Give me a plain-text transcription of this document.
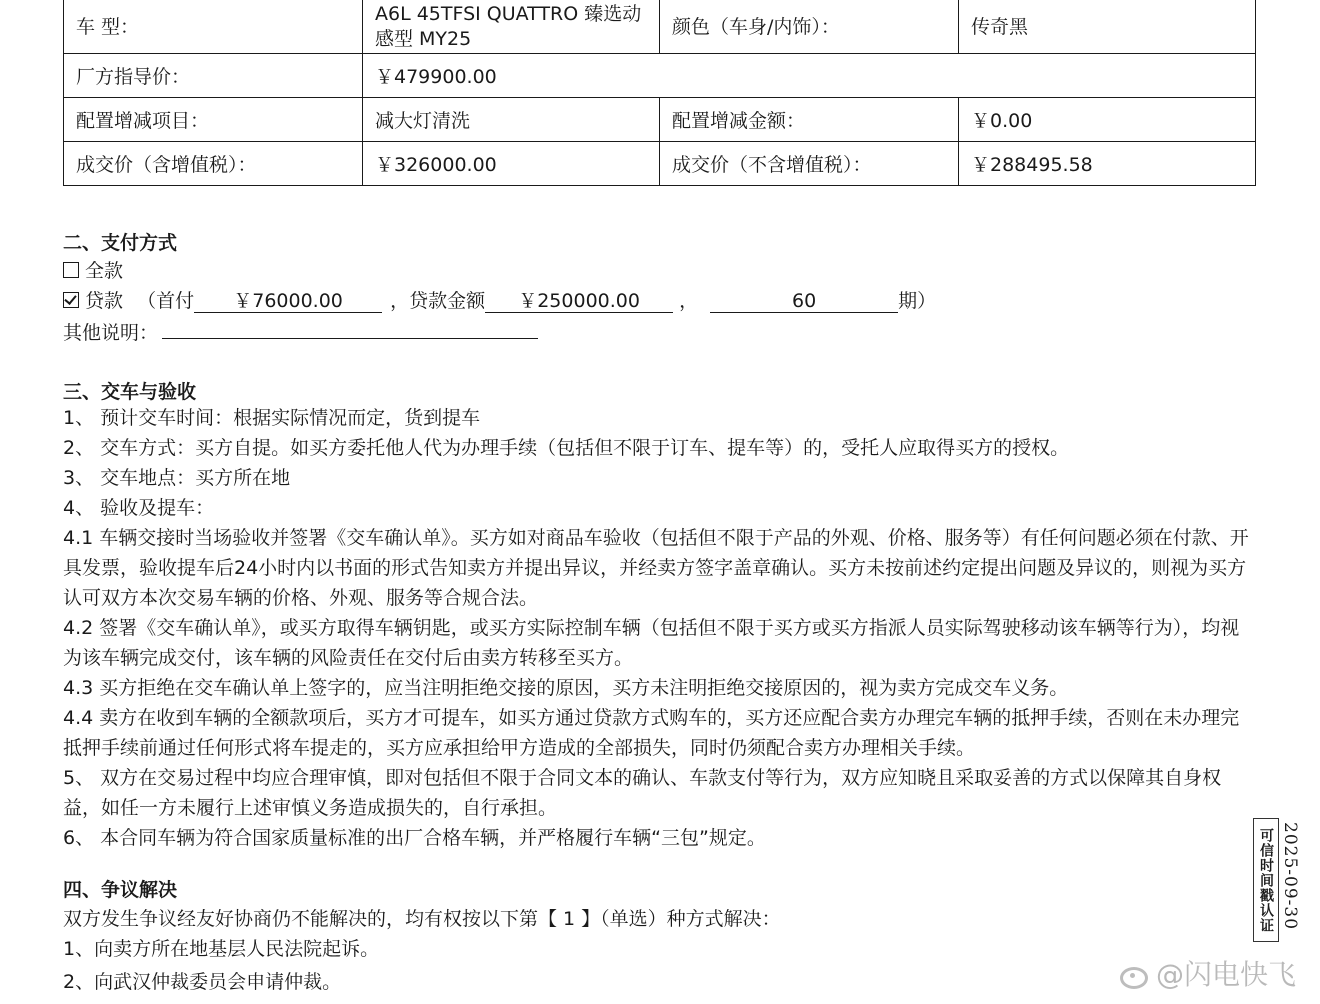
车 型：	A6L 45TFSI QUATTRO 臻选动感型 MY25	颜色（车身/内饰）：	传奇黑
厂方指导价：	￥479900.00		
配置增减项目：	减大灯清洗	配置增减金额：	￥0.00
成交价（含增值税）：	￥326000.00	成交价（不含增值税）：	￥288495.58
二、支付方式
全款
贷款 （首付 ￥76000.00 ，贷款金额 ￥250000.00 ，	60	期）
其他说明：
三、交车与验收
1、 预计交车时间：根据实际情况而定，货到提车
2、 交车方式：买方自提。如买方委托他人代为办理手续（包括但不限于订车、提车等）的，受托人应取得买方的授权。
3、 交车地点：买方所在地
4、 验收及提车：
4.1 车辆交接时当场验收并签署《交车确认单》。买方如对商品车验收（包括但不限于产品的外观、价格、服务等）有任何问题必须在付款、开具发票，验收提车后24小时内以书面的形式告知卖方并提出异议，并经卖方签字盖章确认。买方未按前述约定提出问题及异议的，则视为买方认可双方本次交易车辆的价格、外观、服务等合规合法。
4.2 签署《交车确认单》，或买方取得车辆钥匙，或买方实际控制车辆（包括但不限于买方或买方指派人员实际驾驶移动该车辆等行为），均视为该车辆完成交付，该车辆的风险责任在交付后由卖方转移至买方。
4.3 买方拒绝在交车确认单上签字的，应当注明拒绝交接的原因，买方未注明拒绝交接原因的，视为卖方完成交车义务。
4.4 卖方在收到车辆的全额款项后，买方才可提车，如买方通过贷款方式购车的，买方还应配合卖方办理完车辆的抵押手续，否则在未办理完抵押手续前通过任何形式将车提走的，买方应承担给甲方造成的全部损失，同时仍须配合卖方办理相关手续。
5、 双方在交易过程中均应合理审慎，即对包括但不限于合同文本的确认、车款支付等行为，双方应知晓且采取妥善的方式以保障其自身权益，如任一方未履行上述审慎义务造成损失的，自行承担。
6、 本合同车辆为符合国家质量标准的出厂合格车辆，并严格履行车辆“三包”规定。
四、争议解决
双方发生争议经友好协商仍不能解决的，均有权按以下第【 1 】（单选）种方式解决：
1、向卖方所在地基层人民法院起诉。
2、向武汉仲裁委员会申请仲裁。
可信时间戳认证 2025-09-30
@闪电快飞
